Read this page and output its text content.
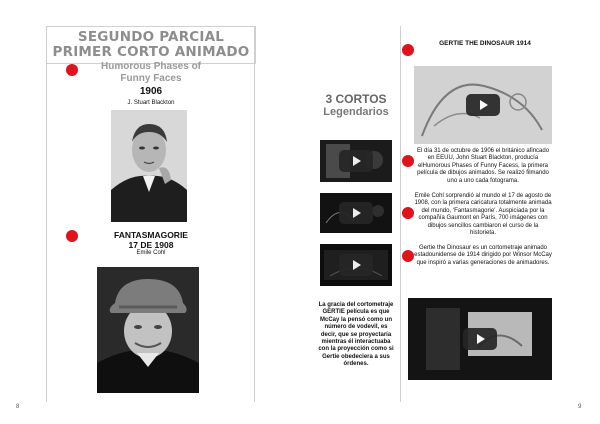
SEGUNDO PARCIAL
PRIMER CORTO ANIMADO
Humorous Phases of
Funny Faces
1906
J. Stuart Blackton
FANTASMAGORIE
17 DE 1908
Emile Cohl
8
3 CORTOS
Legendarios
La gracia del cortometraje GERTIE película es que McCay la pensó como un número de vodevil, es decir, que se proyectaría mientras él interactuaba con la proyección como si Gertie obedeciera a sus órdenes.
GERTIE THE DINOSAUR 1914
El día 31 de octubre de 1906 el británico afincado en EEUU, John Stuart Blackton, producía elHumorous Phases of Funny Facess, la primera película de dibujos animados. Se realizó filmando uno a uno cada fotograma.
Emile Cohl sorprendió al mundo el 17 de agosto de 1908, con la primera caricatura totalmente animada del mundo, ‘Fantasmagorie’. Auspiciada por la compañía Gaumont en París, 700 imágenes con dibujos sencillos cambiaron el curso de la historieta.
Gertie the Dinosaur es un cortometraje animado estadounidense de 1914 dirigido por Winsor McCay que inspiró a varias generaciones de animadores.
9
